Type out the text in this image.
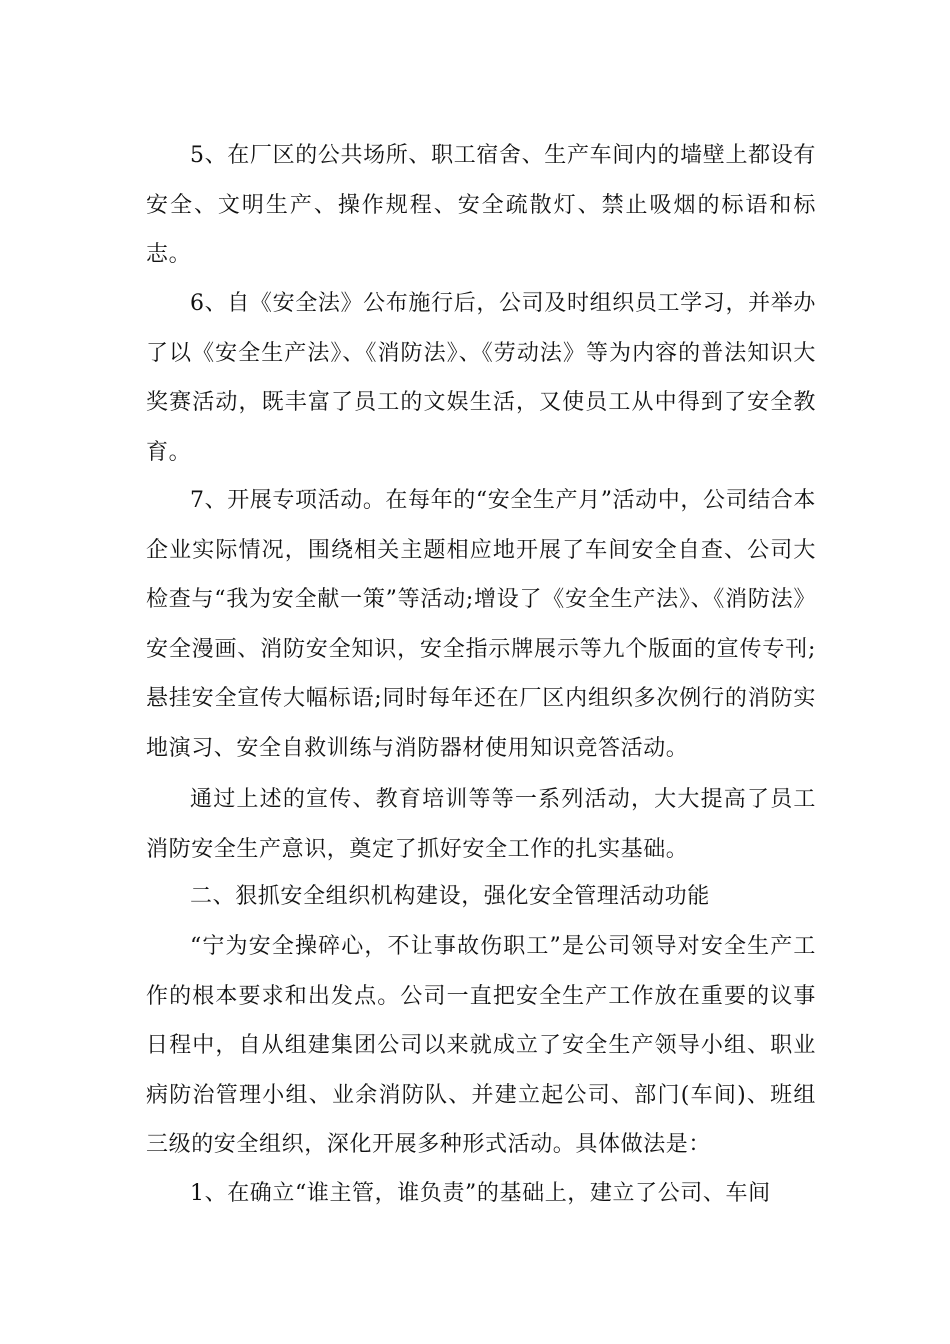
5、在厂区的公共场所、职工宿舍、生产车间内的墙壁上都设有安全、文明生产、操作规程、安全疏散灯、禁止吸烟的标语和标志。

6、自《安全法》公布施行后，公司及时组织员工学习，并举办了以《安全生产法》、《消防法》、《劳动法》等为内容的普法知识大奖赛活动，既丰富了员工的文娱生活，又使员工从中得到了安全教育。

7、开展专项活动。在每年的“安全生产月”活动中，公司结合本企业实际情况，围绕相关主题相应地开展了车间安全自查、公司大检查与“我为安全献一策”等活动;增设了《安全生产法》、《消防法》安全漫画、消防安全知识，安全指示牌展示等九个版面的宣传专刊;悬挂安全宣传大幅标语;同时每年还在厂区内组织多次例行的消防实地演习、安全自救训练与消防器材使用知识竞答活动。

通过上述的宣传、教育培训等等一系列活动，大大提高了员工消防安全生产意识，奠定了抓好安全工作的扎实基础。

二、狠抓安全组织机构建设，强化安全管理活动功能

“宁为安全操碎心，不让事故伤职工”是公司领导对安全生产工作的根本要求和出发点。公司一直把安全生产工作放在重要的议事日程中，自从组建集团公司以来就成立了安全生产领导小组、职业病防治管理小组、业余消防队、并建立起公司、部门(车间)、班组三级的安全组织，深化开展多种形式活动。具体做法是：

1、在确立“谁主管，谁负责”的基础上，建立了公司、车间
